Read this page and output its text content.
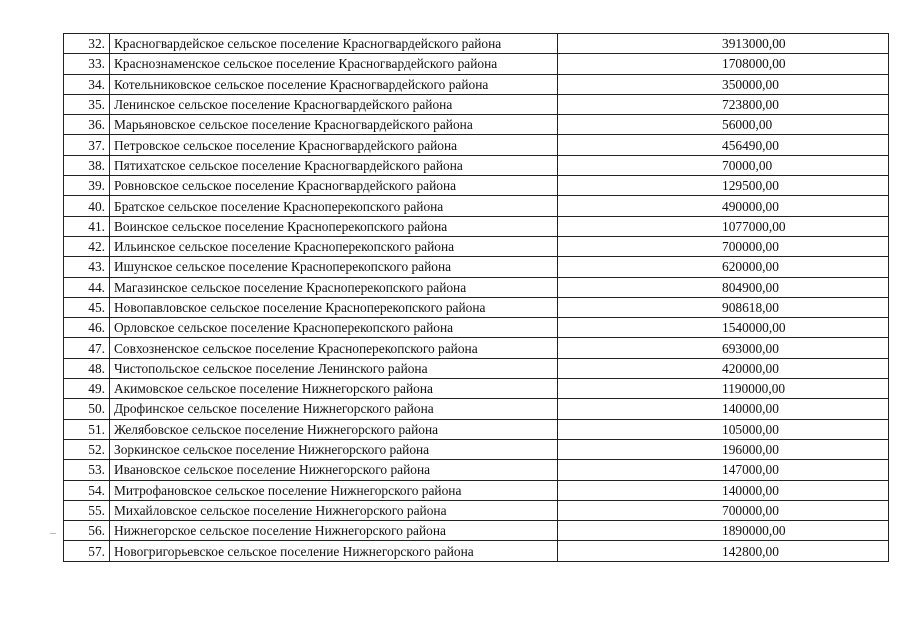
32.	Красногвардейское сельское поселение Красногвардейского района	3913000,00
33.	Краснознаменское сельское поселение Красногвардейского района	1708000,00
34.	Котельниковское сельское поселение Красногвардейского района	350000,00
35.	Ленинское сельское поселение Красногвардейского района	723800,00
36.	Марьяновское сельское поселение Красногвардейского района	56000,00
37.	Петровское сельское поселение Красногвардейского района	456490,00
38.	Пятихатское сельское поселение Красногвардейского района	70000,00
39.	Ровновское сельское поселение Красногвардейского района	129500,00
40.	Братское сельское поселение Красноперекопского района	490000,00
41.	Воинское сельское поселение Красноперекопского района	1077000,00
42.	Ильинское сельское поселение Красноперекопского района	700000,00
43.	Ишунское сельское поселение Красноперекопского района	620000,00
44.	Магазинское сельское поселение Красноперекопского района	804900,00
45.	Новопавловское сельское поселение Красноперекопского района	908618,00
46.	Орловское сельское поселение Красноперекопского района	1540000,00
47.	Совхозненское сельское поселение Красноперекопского района	693000,00
48.	Чистопольское сельское поселение Ленинского района	420000,00
49.	Акимовское сельское поселение Нижнегорского района	1190000,00
50.	Дрофинское сельское поселение Нижнегорского района	140000,00
51.	Желябовское сельское поселение Нижнегорского района	105000,00
52.	Зоркинское сельское поселение Нижнегорского района	196000,00
53.	Ивановское сельское поселение Нижнегорского района	147000,00
54.	Митрофановское сельское поселение Нижнегорского района	140000,00
55.	Михайловское сельское поселение Нижнегорского района	700000,00
56.	Нижнегорское сельское поселение Нижнегорского района	1890000,00
57.	Новогригорьевское сельское поселение Нижнегорского района	142800,00
